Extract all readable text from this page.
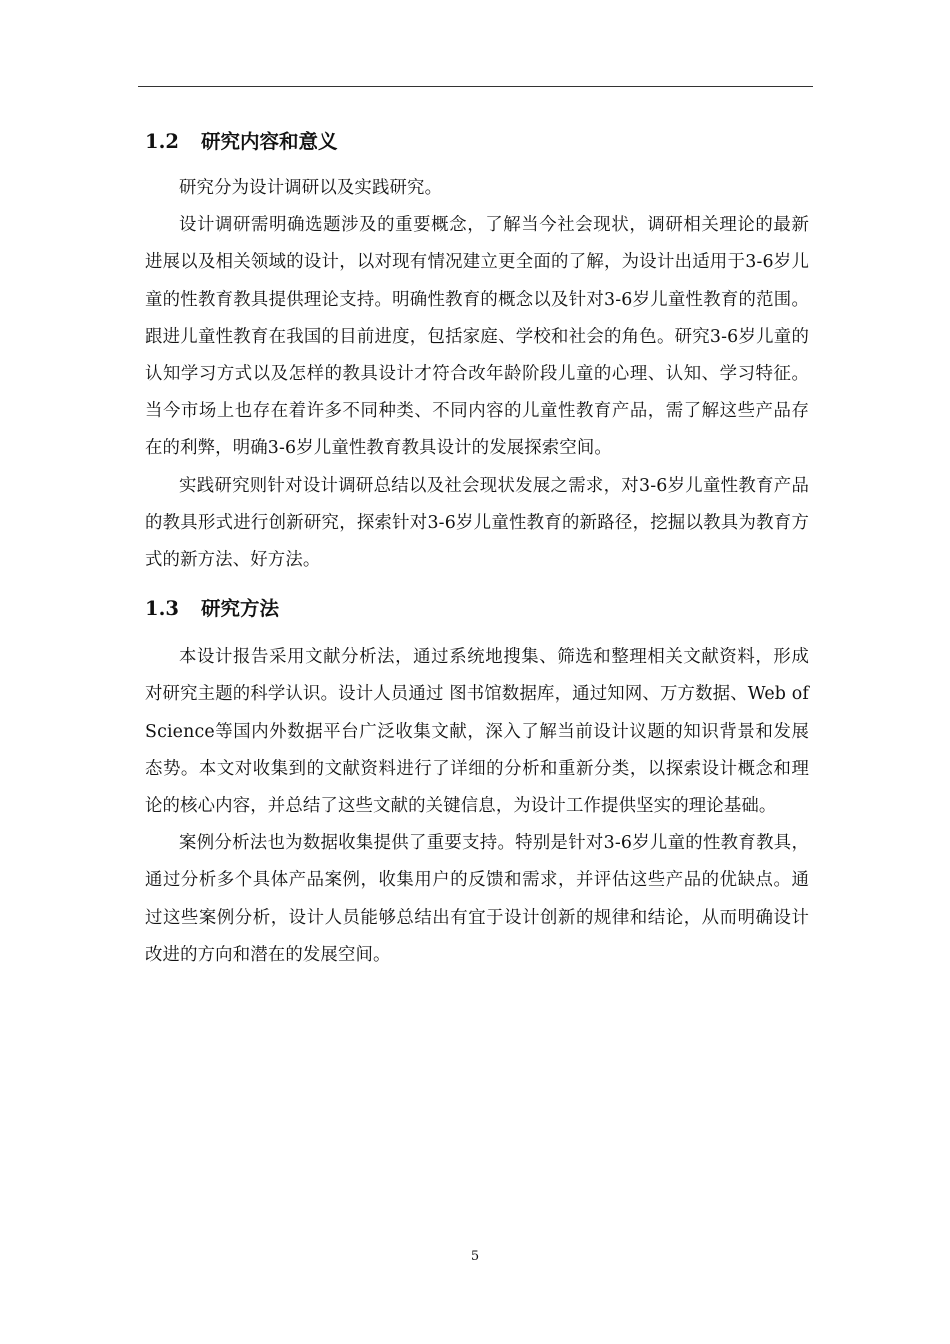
1.2 研究内容和意义

研究分为设计调研以及实践研究。

设计调研需明确选题涉及的重要概念，了解当今社会现状，调研相关理论的最新进展以及相关领域的设计，以对现有情况建立更全面的了解，为设计出适用于3-6岁儿童的性教育教具提供理论支持。明确性教育的概念以及针对3-6岁儿童性教育的范围。跟进儿童性教育在我国的目前进度，包括家庭、学校和社会的角色。研究3-6岁儿童的认知学习方式以及怎样的教具设计才符合改年龄阶段儿童的心理、认知、学习特征。当今市场上也存在着许多不同种类、不同内容的儿童性教育产品，需了解这些产品存在的利弊，明确3-6岁儿童性教育教具设计的发展探索空间。

实践研究则针对设计调研总结以及社会现状发展之需求，对3-6岁儿童性教育产品的教具形式进行创新研究，探索针对3-6岁儿童性教育的新路径，挖掘以教具为教育方式的新方法、好方法。

1.3 研究方法

本设计报告采用文献分析法，通过系统地搜集、筛选和整理相关文献资料，形成对研究主题的科学认识。设计人员通过 图书馆数据库，通过知网、万方数据、Web of Science等国内外数据平台广泛收集文献，深入了解当前设计议题的知识背景和发展态势。本文对收集到的文献资料进行了详细的分析和重新分类，以探索设计概念和理论的核心内容，并总结了这些文献的关键信息，为设计工作提供坚实的理论基础。

案例分析法也为数据收集提供了重要支持。特别是针对3-6岁儿童的性教育教具，通过分析多个具体产品案例，收集用户的反馈和需求，并评估这些产品的优缺点。通过这些案例分析，设计人员能够总结出有宜于设计创新的规律和结论，从而明确设计改进的方向和潜在的发展空间。

5
